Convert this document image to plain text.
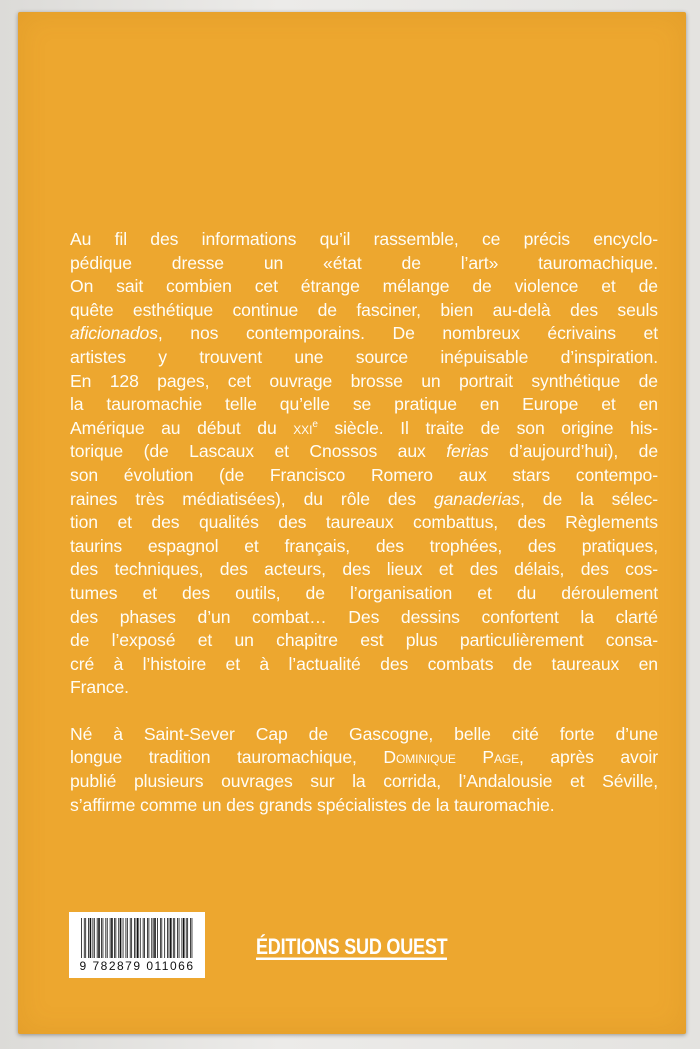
Au fil des informations qu’il rassemble, ce précis encyclo-

pédique dresse un «état de l’art» tauromachique.

On sait combien cet étrange mélange de violence et de

quête esthétique continue de fasciner, bien au-delà des seuls

aficionados, nos contemporains. De nombreux écrivains et

artistes y trouvent une source inépuisable d’inspiration.

En 128 pages, cet ouvrage brosse un portrait synthétique de

la tauromachie telle qu’elle se pratique en Europe et en

Amérique au début du xxi$^e$ siècle. Il traite de son origine his-

torique (de Lascaux et Cnossos aux ferias d’aujourd’hui), de

son évolution (de Francisco Romero aux stars contempo-

raines très médiatisées), du rôle des ganaderias, de la sélec-

tion et des qualités des taureaux combattus, des Règlements

taurins espagnol et français, des trophées, des pratiques,

des techniques, des acteurs, des lieux et des délais, des cos-

tumes et des outils, de l’organisation et du déroulement

des phases d’un combat… Des dessins confortent la clarté

de l’exposé et un chapitre est plus particulièrement consa-

cré à l’histoire et à l’actualité des combats de taureaux en

France.

Né à Saint-Sever Cap de Gascogne, belle cité forte d’une

longue tradition tauromachique, Dominique Page, après avoir

publié plusieurs ouvrages sur la corrida, l’Andalousie et Séville,

s’affirme comme un des grands spécialistes de la tauromachie.

9 782879 011066
ÉDITIONS SUD OUEST
